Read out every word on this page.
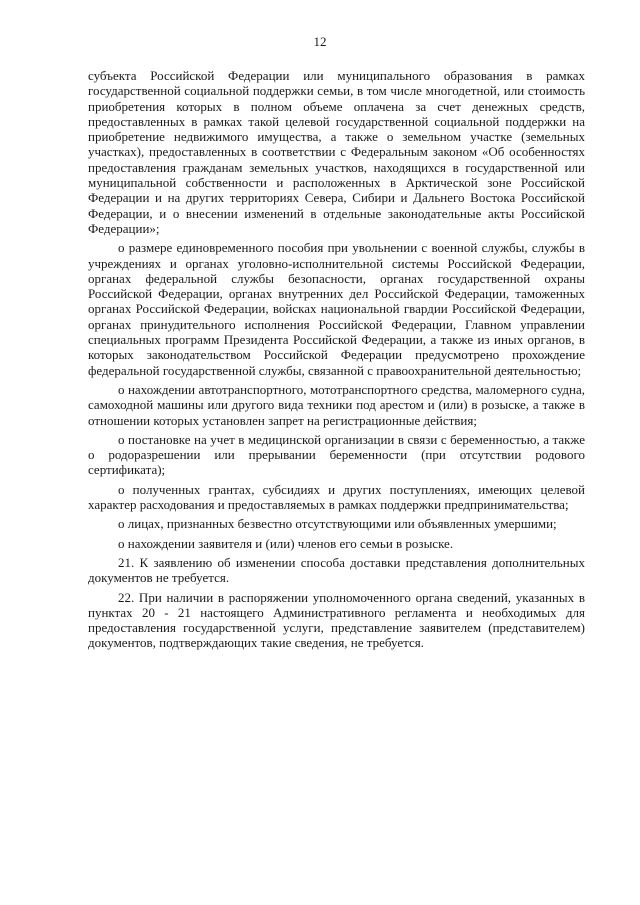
12

субъекта Российской Федерации или муниципального образования в рамках государственной социальной поддержки семьи, в том числе многодетной, или стоимость приобретения которых в полном объеме оплачена за счет денежных средств, предоставленных в рамках такой целевой государственной социальной поддержки на приобретение недвижимого имущества, а также о земельном участке (земельных участках), предоставленных в соответствии с Федеральным законом «Об особенностях предоставления гражданам земельных участков, находящихся в государственной или муниципальной собственности и расположенных в Арктической зоне Российской Федерации и на других территориях Севера, Сибири и Дальнего Востока Российской Федерации, и о внесении изменений в отдельные законодательные акты Российской Федерации»;

о размере единовременного пособия при увольнении с военной службы, службы в учреждениях и органах уголовно-исполнительной системы Российской Федерации, органах федеральной службы безопасности, органах государственной охраны Российской Федерации, органах внутренних дел Российской Федерации, таможенных органах Российской Федерации, войсках национальной гвардии Российской Федерации, органах принудительного исполнения Российской Федерации, Главном управлении специальных программ Президента Российской Федерации, а также из иных органов, в которых законодательством Российской Федерации предусмотрено прохождение федеральной государственной службы, связанной с правоохранительной деятельностью;

о нахождении автотранспортного, мототранспортного средства, маломерного судна, самоходной машины или другого вида техники под арестом и (или) в розыске, а также в отношении которых установлен запрет на регистрационные действия;

о постановке на учет в медицинской организации в связи с беременностью, а также о родоразрешении или прерывании беременности (при отсутствии родового сертификата);

о полученных грантах, субсидиях и других поступлениях, имеющих целевой характер расходования и предоставляемых в рамках поддержки предпринимательства;

о лицах, признанных безвестно отсутствующими или объявленных умершими;

о нахождении заявителя и (или) членов его семьи в розыске.

21. К заявлению об изменении способа доставки представления дополнительных документов не требуется.

22. При наличии в распоряжении уполномоченного органа сведений, указанных в пунктах 20 - 21 настоящего Административного регламента и необходимых для предоставления государственной услуги, представление заявителем (представителем) документов, подтверждающих такие сведения, не требуется.
